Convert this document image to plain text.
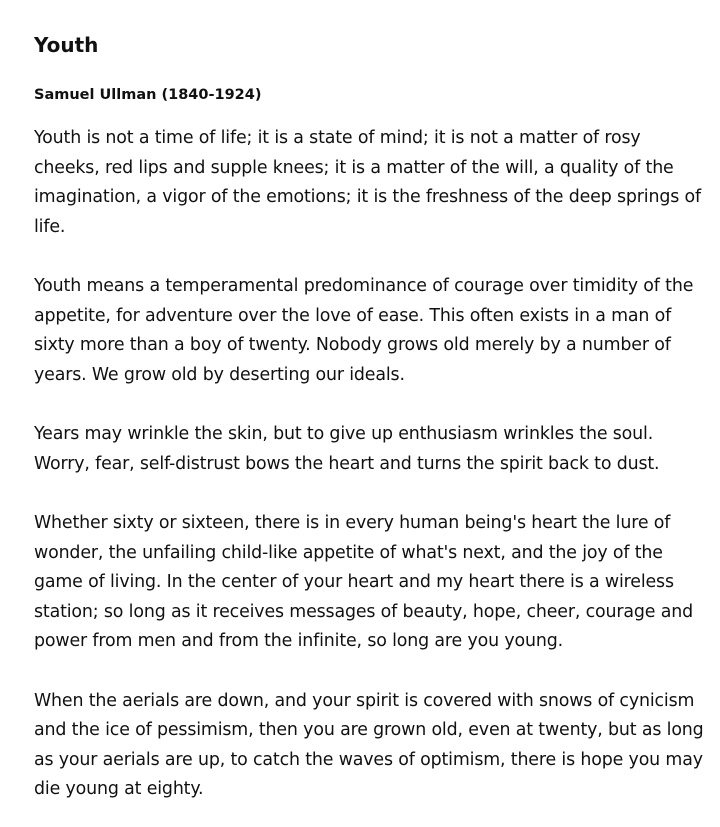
Youth

Samuel Ullman (1840-1924)

Youth is not a time of life; it is a state of mind; it is not a matter of rosy cheeks, red lips and supple knees; it is a matter of the will, a quality of the imagination, a vigor of the emotions; it is the freshness of the deep springs of life.

Youth means a temperamental predominance of courage over timidity of the appetite, for adventure over the love of ease. This often exists in a man of sixty more than a boy of twenty. Nobody grows old merely by a number of years. We grow old by deserting our ideals.

Years may wrinkle the skin, but to give up enthusiasm wrinkles the soul. Worry, fear, self-distrust bows the heart and turns the spirit back to dust.

Whether sixty or sixteen, there is in every human being's heart the lure of wonder, the unfailing child-like appetite of what's next, and the joy of the game of living. In the center of your heart and my heart there is a wireless station; so long as it receives messages of beauty, hope, cheer, courage and power from men and from the infinite, so long are you young.

When the aerials are down, and your spirit is covered with snows of cynicism and the ice of pessimism, then you are grown old, even at twenty, but as long as your aerials are up, to catch the waves of optimism, there is hope you may die young at eighty.
